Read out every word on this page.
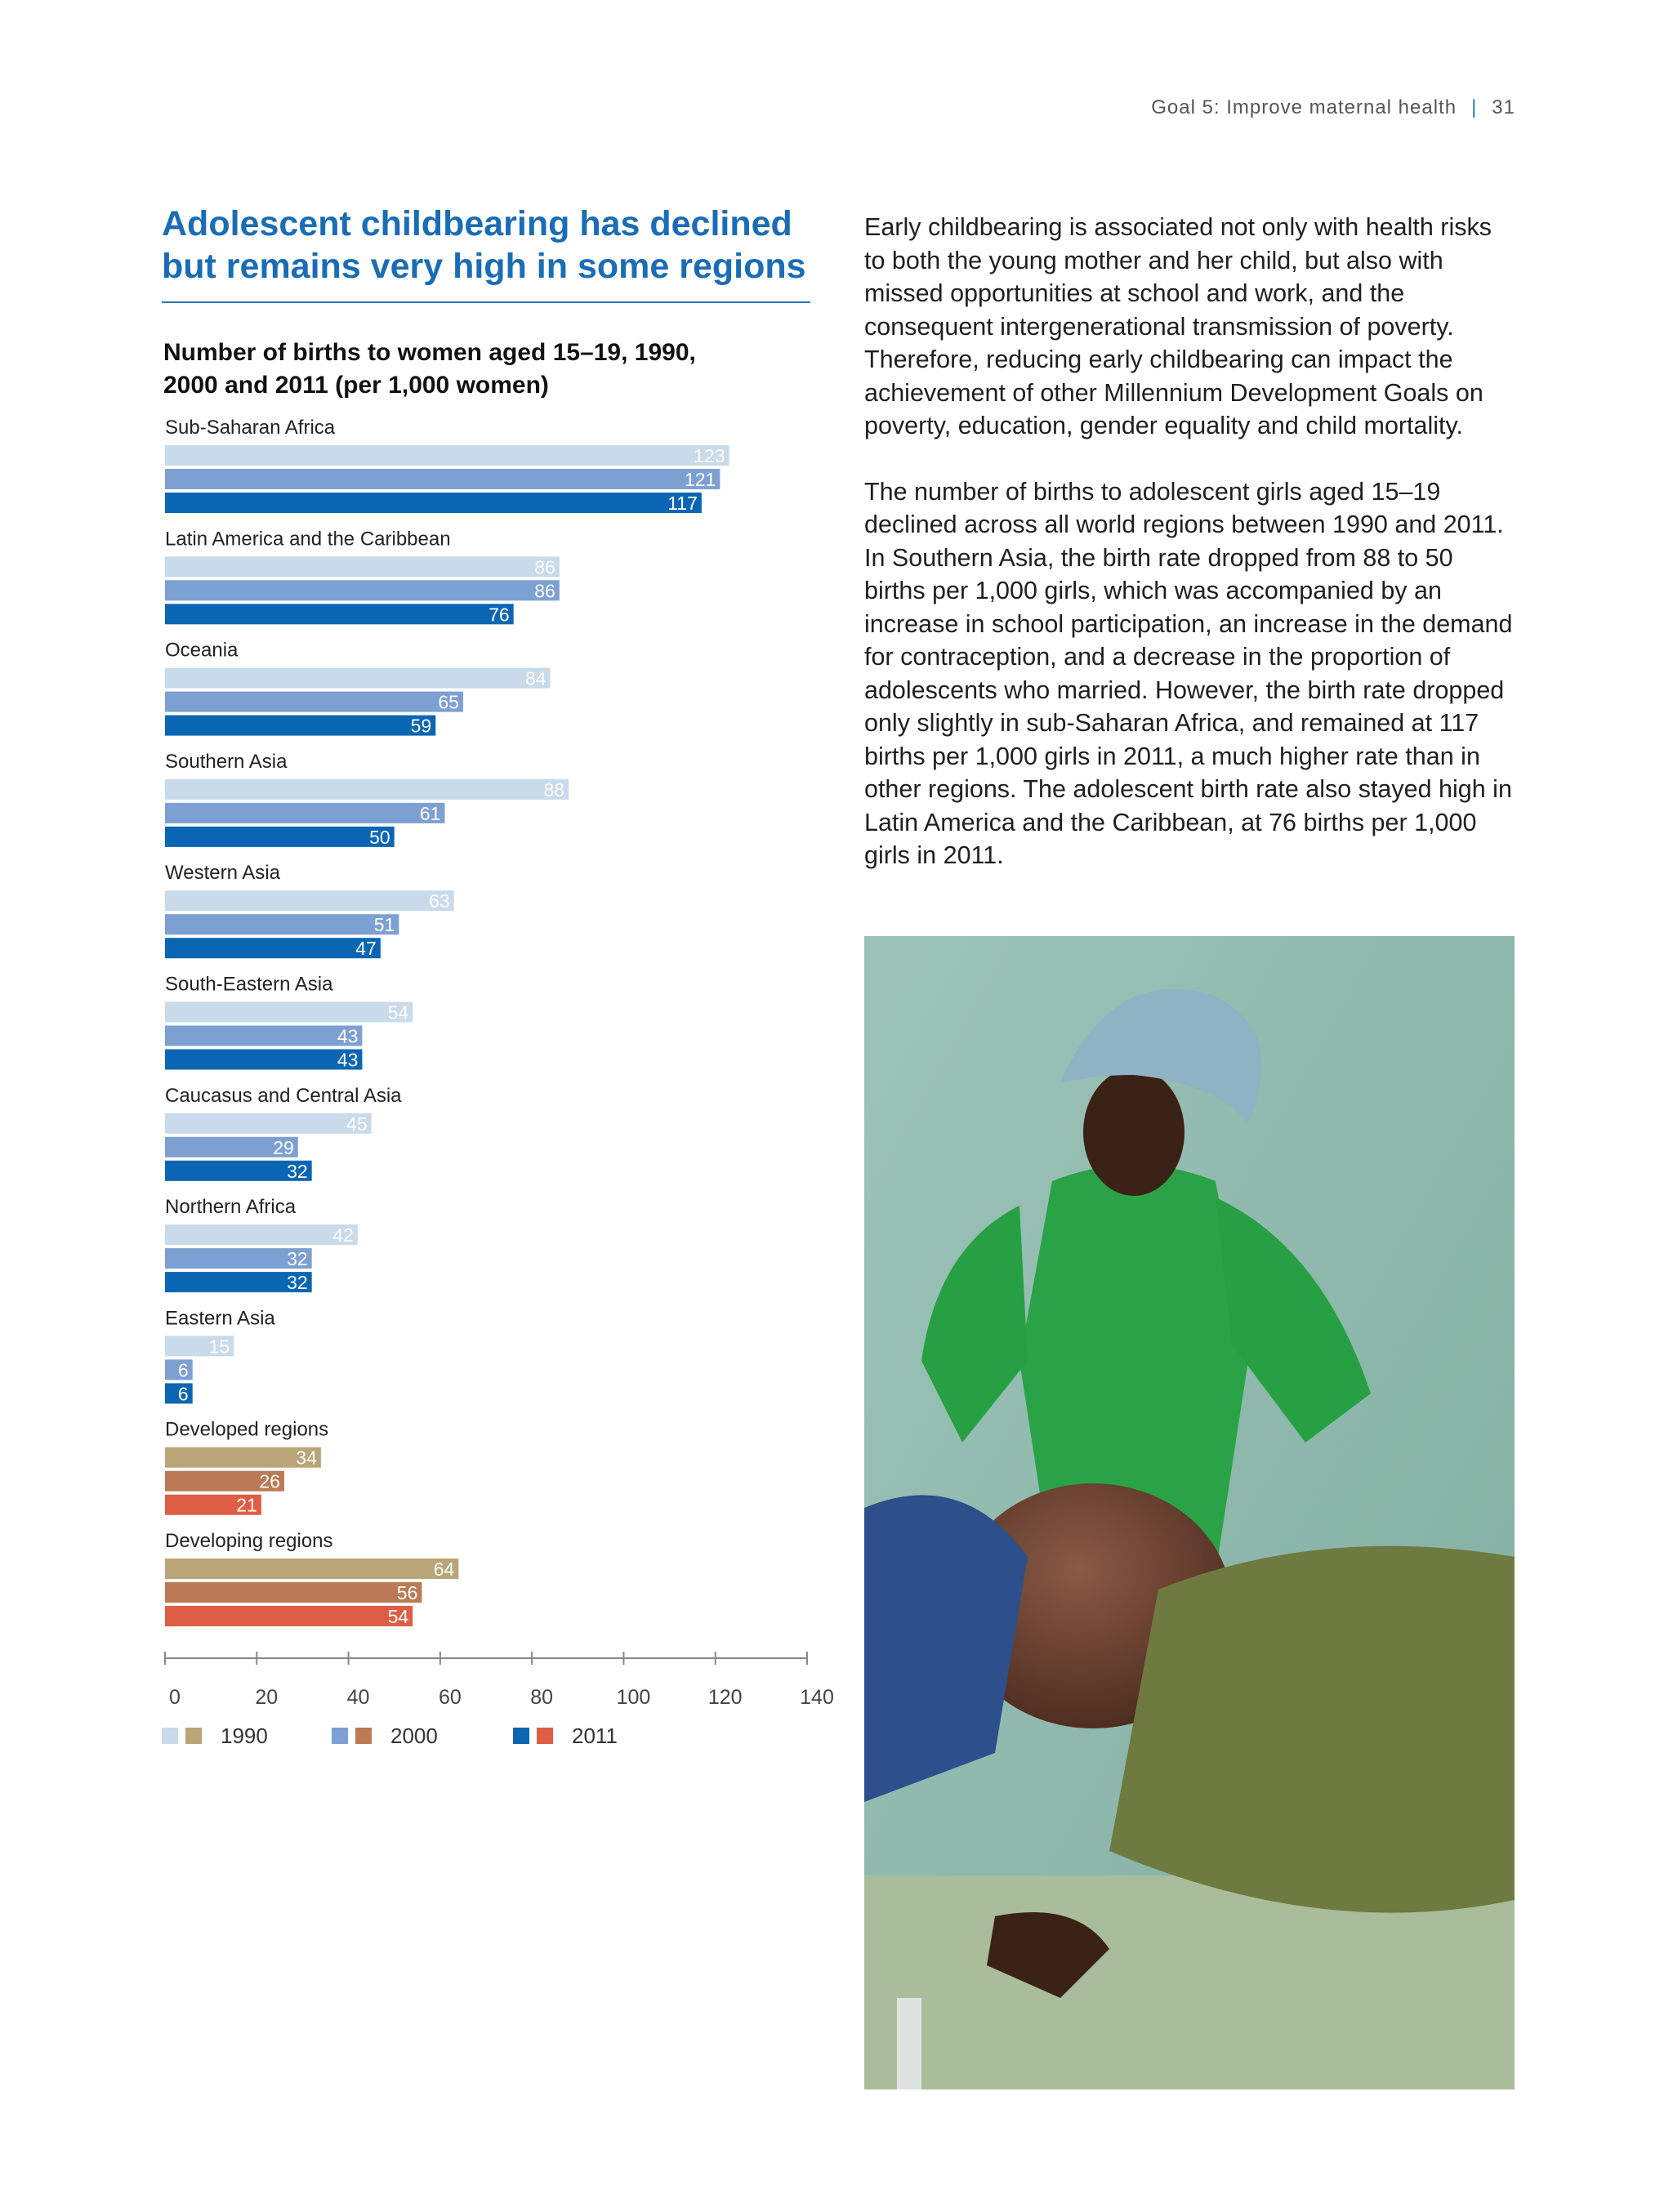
Goal 5: Improve maternal health | 31
Adolescent childbearing has declined but remains very high in some regions
Number of births to women aged 15–19, 1990, 2000 and 2011 (per 1,000 women)
Sub-Saharan Africa
123
121
117
Latin America and the Caribbean
86
86
76
Oceania
84
65
59
Southern Asia
88
61
50
Western Asia
63
51
47
South-Eastern Asia
54
43
43
Caucasus and Central Asia
45
29
32
Northern Africa
42
32
32
Eastern Asia
15
6
6
Developed regions
34
26
21
Developing regions
64
56
54
0	20	40	60	80	100	120	140
1990	2000	2011

Early childbearing is associated not only with health risks to both the young mother and her child, but also with missed opportunities at school and work, and the consequent intergenerational transmission of poverty. Therefore, reducing early childbearing can impact the achievement of other Millennium Development Goals on poverty, education, gender equality and child mortality.

The number of births to adolescent girls aged 15–19 declined across all world regions between 1990 and 2011. In Southern Asia, the birth rate dropped from 88 to 50 births per 1,000 girls, which was accompanied by an increase in school participation, an increase in the demand for contraception, and a decrease in the proportion of adolescents who married. However, the birth rate dropped only slightly in sub-Saharan Africa, and remained at 117 births per 1,000 girls in 2011, a much higher rate than in other regions. The adolescent birth rate also stayed high in Latin America and the Caribbean, at 76 births per 1,000 girls in 2011.
